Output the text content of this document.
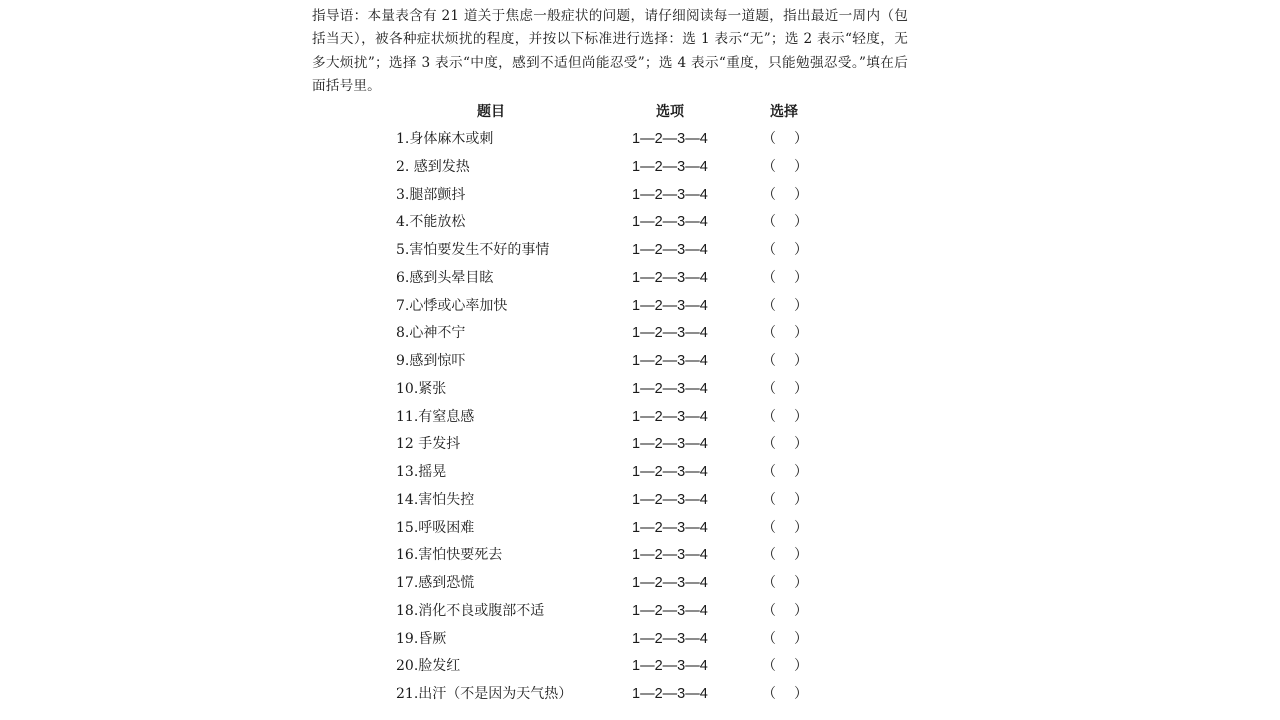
指导语：本量表含有 21 道关于焦虑一般症状的问题，请仔细阅读每一道题，指出最近一周内（包括当天），被各种症状烦扰的程度，并按以下标准进行选择：选 1 表示“无”；选 2 表示“轻度，无多大烦扰”；选择 3 表示“中度，感到不适但尚能忍受”；选 4 表示“重度，只能勉强忍受。”填在后面括号里。

题目	选项	选择

1.身体麻木或刺	1—2—3—4	（ ）
2. 感到发热	1—2—3—4	（ ）
3.腿部颤抖	1—2—3—4	（ ）
4.不能放松	1—2—3—4	（ ）
5.害怕要发生不好的事情	1—2—3—4	（ ）
6.感到头晕目眩	1—2—3—4	（ ）
7.心悸或心率加快	1—2—3—4	（ ）
8.心神不宁	1—2—3—4	（ ）
9.感到惊吓	1—2—3—4	（ ）
10.紧张	1—2—3—4	（ ）
11.有窒息感	1—2—3—4	（ ）
12 手发抖	1—2—3—4	（ ）
13.摇晃	1—2—3—4	（ ）
14.害怕失控	1—2—3—4	（ ）
15.呼吸困难	1—2—3—4	（ ）
16.害怕快要死去	1—2—3—4	（ ）
17.感到恐慌	1—2—3—4	（ ）
18.消化不良或腹部不适	1—2—3—4	（ ）
19.昏厥	1—2—3—4	（ ）
20.脸发红	1—2—3—4	（ ）
21.出汗（不是因为天气热）	1—2—3—4	（ ）
